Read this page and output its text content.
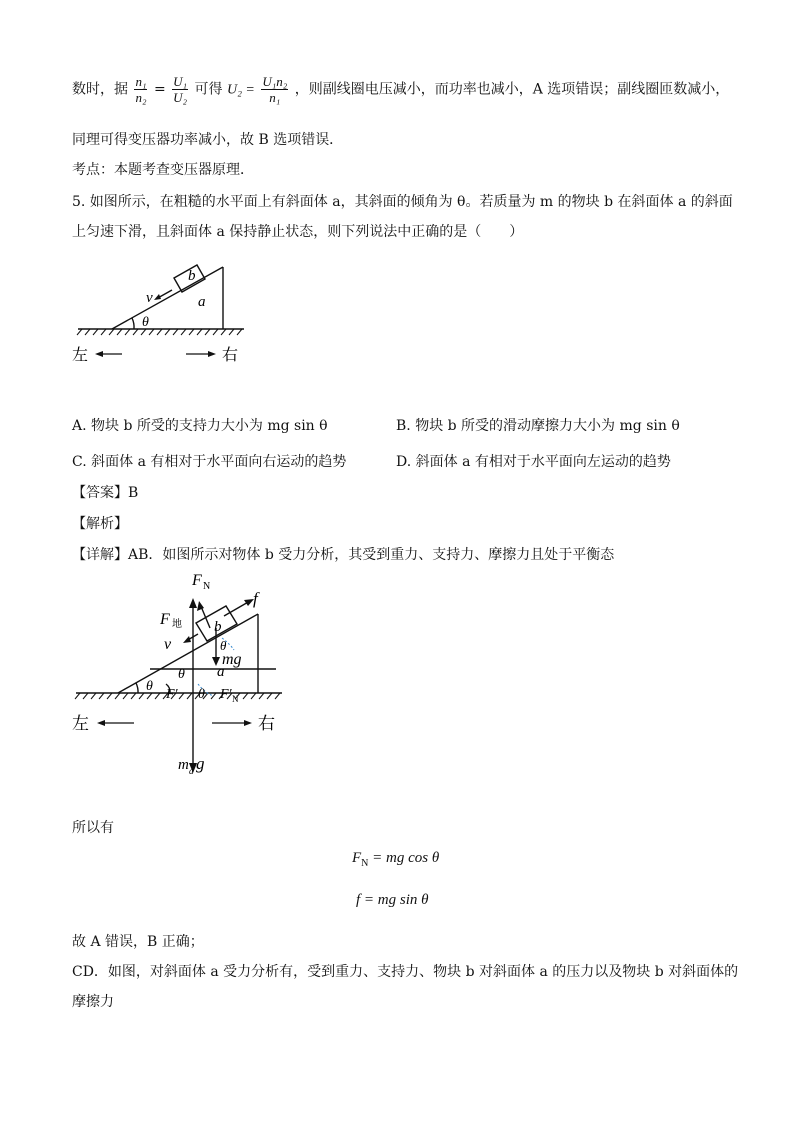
数时，据 $\frac{\text{n₁}}{\text{n₂}} = \frac{\text{U₁}}{\text{U₂}}$ 可得 $U_2 = \frac{\text{U₁n₂}}{\text{n₁}}$ ，则副线圈电压减小，而功率也减小，A 选项错误；副线圈匝数减小，
同理可得变压器功率减小，故 B 选项错误．
考点：本题考查变压器原理．
5. 如图所示，在粗糙的水平面上有斜面体 a，其斜面的倾角为 θ。若质量为 m 的物块 b 在斜面体 a 的斜面
上匀速下滑，且斜面体 a 保持静止状态，则下列说法中正确的是（　　）
b
a
v
θ
左	右
A. 物块 b 所受的支持力大小为 mg sin θ	B. 物块 b 所受的滑动摩擦力大小为 mg sin θ
C. 斜面体 a 有相对于水平面向右运动的趋势	D. 斜面体 a 有相对于水平面向左运动的趋势
【答案】B
【解析】
【详解】AB．如图所示对物体 b 受力分析，其受到重力、支持力、摩擦力且处于平衡态
F N
F 地
f
v
b
θ
mg
a
θ
θ
θ
F′	F′ N
左	右
m a g
所以有
$F_N$ = mg cos θ
f = mg sin θ
故 A 错误，B 正确；
CD．如图，对斜面体 a 受力分析有，受到重力、支持力、物块 b 对斜面体 a 的压力以及物块 b 对斜面体的
摩擦力
